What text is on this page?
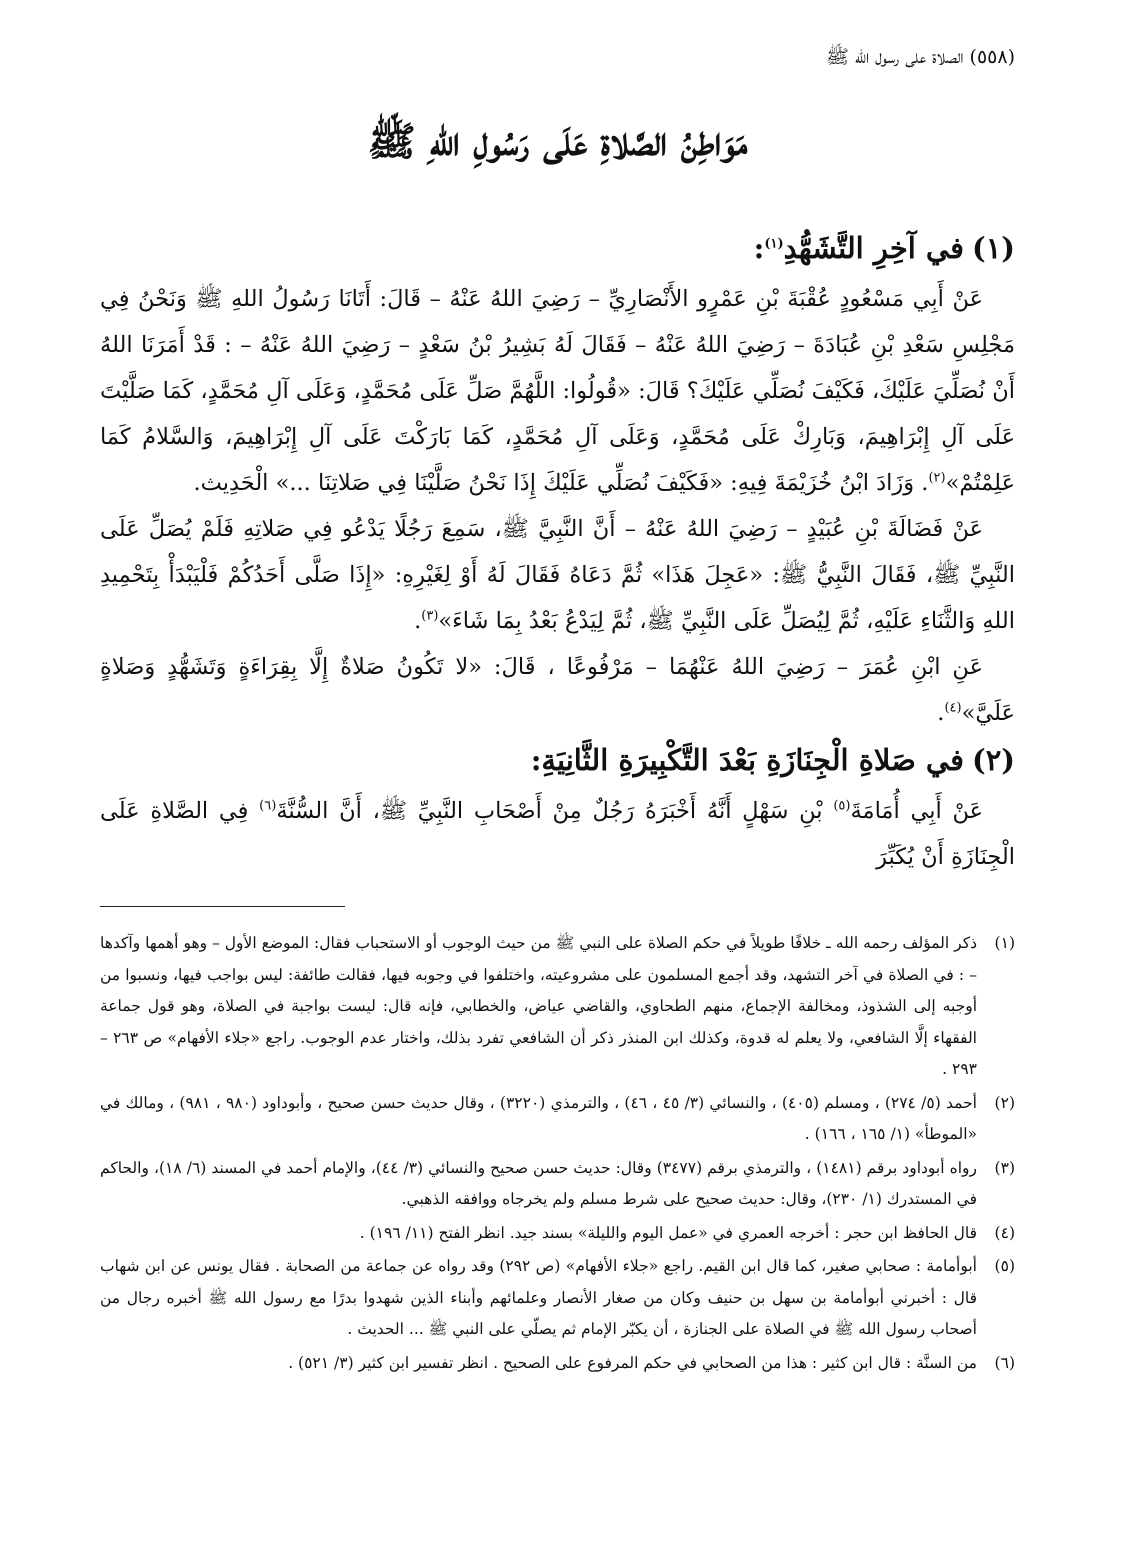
(٥٥٨) الصلاة على رسول الله ﷺ
مَوَاطِنُ الصَّلاةِ عَلَى رَسُولِ اللهِ ﷺ
(١)في آخِرِ التَّشَهُّدِ$^{(١)}$:

عَنْ أَبِي مَسْعُودٍ عُقْبَةَ بْنِ عَمْرٍو الأَنْصَارِيِّ – رَضِيَ اللهُ عَنْهُ – قَالَ: أَتَانَا رَسُولُ اللهِ ﷺ وَنَحْنُ فِي مَجْلِسِ سَعْدِ بْنِ عُبَادَةَ – رَضِيَ اللهُ عَنْهُ – فَقَالَ لَهُ بَشِيرُ بْنُ سَعْدٍ – رَضِيَ اللهُ عَنْهُ – : قَدْ أَمَرَنَا اللهُ أَنْ نُصَلِّيَ عَلَيْكَ، فَكَيْفَ نُصَلِّي عَلَيْكَ؟ قَالَ: «قُولُوا: اللَّهُمَّ صَلِّ عَلَى مُحَمَّدٍ، وَعَلَى آلِ مُحَمَّدٍ، كَمَا صَلَّيْتَ عَلَى آلِ إِبْرَاهِيمَ، وَبَارِكْ عَلَى مُحَمَّدٍ، وَعَلَى آلِ مُحَمَّدٍ، كَمَا بَارَكْتَ عَلَى آلِ إِبْرَاهِيمَ، وَالسَّلامُ كَمَا عَلِمْتُمْ»$^{(٢)}$. وَزَادَ ابْنُ خُزَيْمَةَ فِيهِ: «فَكَيْفَ نُصَلِّي عَلَيْكَ إِذَا نَحْنُ صَلَّيْنَا فِي صَلاتِنَا ...» الْحَدِيث.

عَنْ فَضَالَةَ بْنِ عُبَيْدٍ – رَضِيَ اللهُ عَنْهُ – أَنَّ النَّبِيَّ ﷺ، سَمِعَ رَجُلًا يَدْعُو فِي صَلاتِهِ فَلَمْ يُصَلِّ عَلَى النَّبِيِّ ﷺ، فَقَالَ النَّبِيُّ ﷺ: «عَجِلَ هَذَا» ثُمَّ دَعَاهُ فَقَالَ لَهُ أَوْ لِغَيْرِهِ: «إِذَا صَلَّى أَحَدُكُمْ فَلْيَبْدَأْ بِتَحْمِيدِ اللهِ وَالثَّنَاءِ عَلَيْهِ، ثُمَّ لِيُصَلِّ عَلَى النَّبِيِّ ﷺ، ثُمَّ لِيَدْعُ بَعْدُ بِمَا شَاءَ»$^{(٣)}$.

عَنِ ابْنِ عُمَرَ – رَضِيَ اللهُ عَنْهُمَا – مَرْفُوعًا ، قَالَ: «لا تَكُونُ صَلاةٌ إِلَّا بِقِرَاءَةٍ وَتَشَهُّدٍ وَصَلاةٍ عَلَيَّ»$^{(٤)}$.

(٢)في صَلاةِ الْجِنَازَةِ بَعْدَ التَّكْبِيرَةِ الثَّانِيَةِ:

عَنْ أَبِي أُمَامَةَ$^{(٥)}$ بْنِ سَهْلٍ أَنَّهُ أَخْبَرَهُ رَجُلٌ مِنْ أَصْحَابِ النَّبِيِّ ﷺ، أَنَّ السُّنَّةَ$^{(٦)}$ فِي الصَّلاةِ عَلَى الْجِنَازَةِ أَنْ يُكَبِّرَ

(١)
ذكر المؤلف رحمه الله ـ خلافًا طويلاً في حكم الصلاة على النبي ﷺ من حيث الوجوب أو الاستحباب فقال: الموضع الأول – وهو أهمها وآكدها – : في الصلاة في آخر التشهد، وقد أجمع المسلمون على مشروعيته، واختلفوا في وجوبه فيها، فقالت طائفة: ليس بواجب فيها، ونسبوا من أوجبه إلى الشذوذ، ومخالفة الإجماع، منهم الطحاوي، والقاضي عياض، والخطابي، فإنه قال: ليست بواجبة في الصلاة، وهو قول جماعة الفقهاء إلَّا الشافعي، ولا يعلم له قدوة، وكذلك ابن المنذر ذكر أن الشافعي تفرد بذلك، واختار عدم الوجوب. راجع «جلاء الأفهام» ص ٢٦٣ – ٢٩٣ .
(٢)
أحمد (٥/ ٢٧٤) ، ومسلم (٤٠٥) ، والنسائي (٣/ ٤٥ ، ٤٦) ، والترمذي (٣٢٢٠) ، وقال حديث حسن صحيح ، وأبوداود (٩٨٠ ، ٩٨١) ، ومالك في «الموطأ» (١/ ١٦٥ ، ١٦٦) .
(٣)
رواه أبوداود برقم (١٤٨١) ، والترمذي برقم (٣٤٧٧) وقال: حديث حسن صحيح والنسائي (٣/ ٤٤)، والإمام أحمد في المسند (٦/ ١٨)، والحاكم في المستدرك (١/ ٢٣٠)، وقال: حديث صحيح على شرط مسلم ولم يخرجاه ووافقه الذهبي.
(٤)
قال الحافظ ابن حجر : أخرجه العمري في «عمل اليوم والليلة» بسند جيد. انظر الفتح (١١/ ١٩٦) .
(٥)
أبوأمامة : صحابي صغير، كما قال ابن القيم. راجع «جلاء الأفهام» (ص ٢٩٢) وقد رواه عن جماعة من الصحابة . فقال يونس عن ابن شهاب قال : أخبرني أبوأمامة بن سهل بن حنيف وكان من صغار الأنصار وعلمائهم وأبناء الذين شهدوا بدرًا مع رسول الله ﷺ أخبره رجال من أصحاب رسول الله ﷺ في الصلاة على الجنازة ، أن يكبّر الإمام ثم يصلّي على النبي ﷺ ... الحديث .
(٦)
من السنَّة : قال ابن كثير : هذا من الصحابي في حكم المرفوع على الصحيح . انظر تفسير ابن كثير (٣/ ٥٢١) .
